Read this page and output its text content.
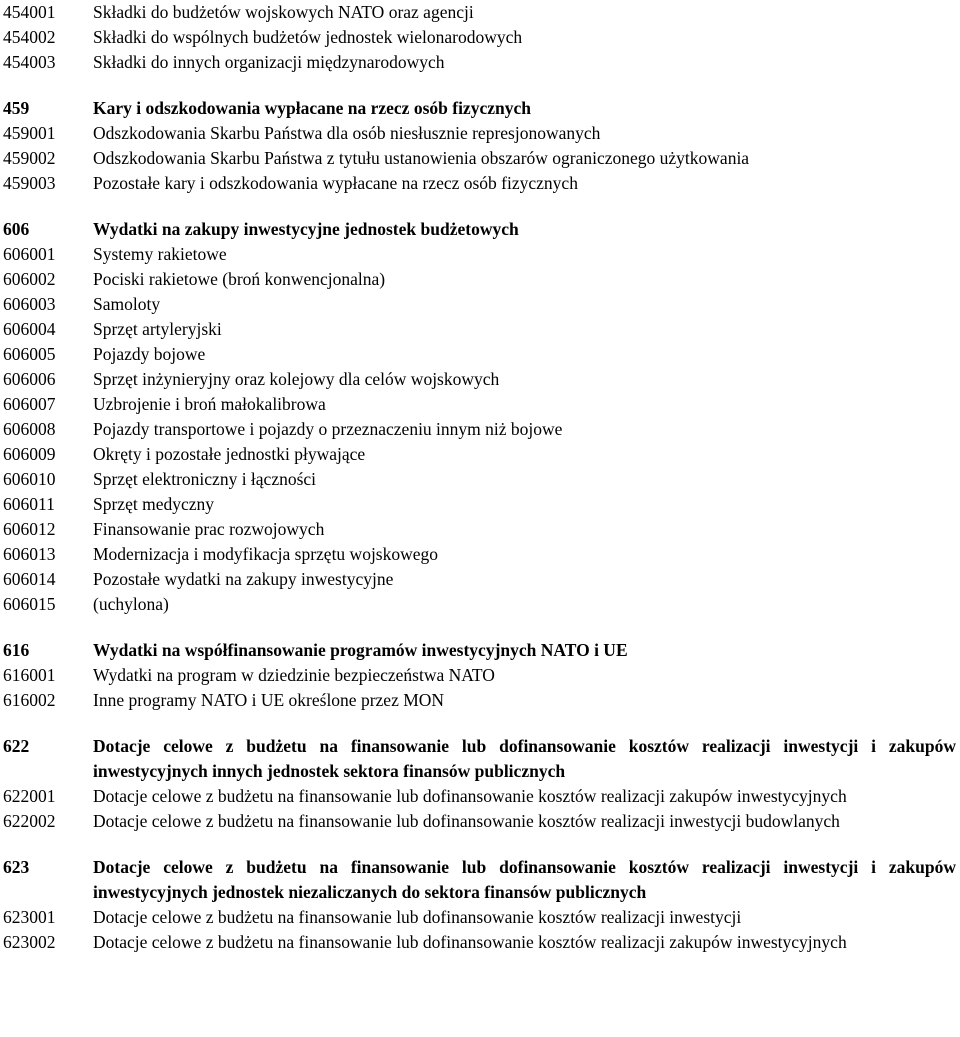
454001	Składki do budżetów wojskowych NATO oraz agencji
454002	Składki do wspólnych budżetów jednostek wielonarodowych
454003	Składki do innych organizacji międzynarodowych
459	Kary i odszkodowania wypłacane na rzecz osób fizycznych
459001	Odszkodowania Skarbu Państwa dla osób niesłusznie represjonowanych
459002	Odszkodowania Skarbu Państwa z tytułu ustanowienia obszarów ograniczonego użytkowania
459003	Pozostałe kary i odszkodowania wypłacane na rzecz osób fizycznych
606	Wydatki na zakupy inwestycyjne jednostek budżetowych
606001	Systemy rakietowe
606002	Pociski rakietowe (broń konwencjonalna)
606003	Samoloty
606004	Sprzęt artyleryjski
606005	Pojazdy bojowe
606006	Sprzęt inżynieryjny oraz kolejowy dla celów wojskowych
606007	Uzbrojenie i broń małokalibrowa
606008	Pojazdy transportowe i pojazdy o przeznaczeniu innym niż bojowe
606009	Okręty i pozostałe jednostki pływające
606010	Sprzęt elektroniczny i łączności
606011	Sprzęt medyczny
606012	Finansowanie prac rozwojowych
606013	Modernizacja i modyfikacja sprzętu wojskowego
606014	Pozostałe wydatki na zakupy inwestycyjne
606015	(uchylona)
616	Wydatki na współfinansowanie programów inwestycyjnych NATO i UE
616001	Wydatki na program w dziedzinie bezpieczeństwa NATO
616002	Inne programy NATO i UE określone przez MON
622	Dotacje celowe z budżetu na finansowanie lub dofinansowanie kosztów realizacji inwestycji i zakupów inwestycyjnych innych jednostek sektora finansów publicznych
622001	Dotacje celowe z budżetu na finansowanie lub dofinansowanie kosztów realizacji zakupów inwestycyjnych
622002	Dotacje celowe z budżetu na finansowanie lub dofinansowanie kosztów realizacji inwestycji budowlanych
623	Dotacje celowe z budżetu na finansowanie lub dofinansowanie kosztów realizacji inwestycji i zakupów inwestycyjnych jednostek niezaliczanych do sektora finansów publicznych
623001	Dotacje celowe z budżetu na finansowanie lub dofinansowanie kosztów realizacji inwestycji
623002	Dotacje celowe z budżetu na finansowanie lub dofinansowanie kosztów realizacji zakupów inwestycyjnych
